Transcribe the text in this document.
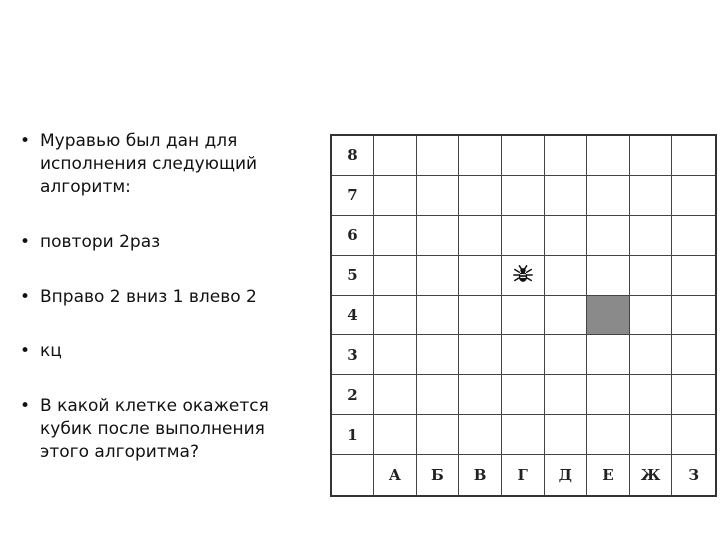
• Муравью был дан для исполнения следующий алгоритм:
• повтори 2раз
• Вправо 2 вниз 1 влево 2
• кц
• В какой клетке окажется кубик после выполнения этого алгоритма?
8
7
6
5
4
3
2
1
А	Б	В	Г	Д	Е	Ж	З
